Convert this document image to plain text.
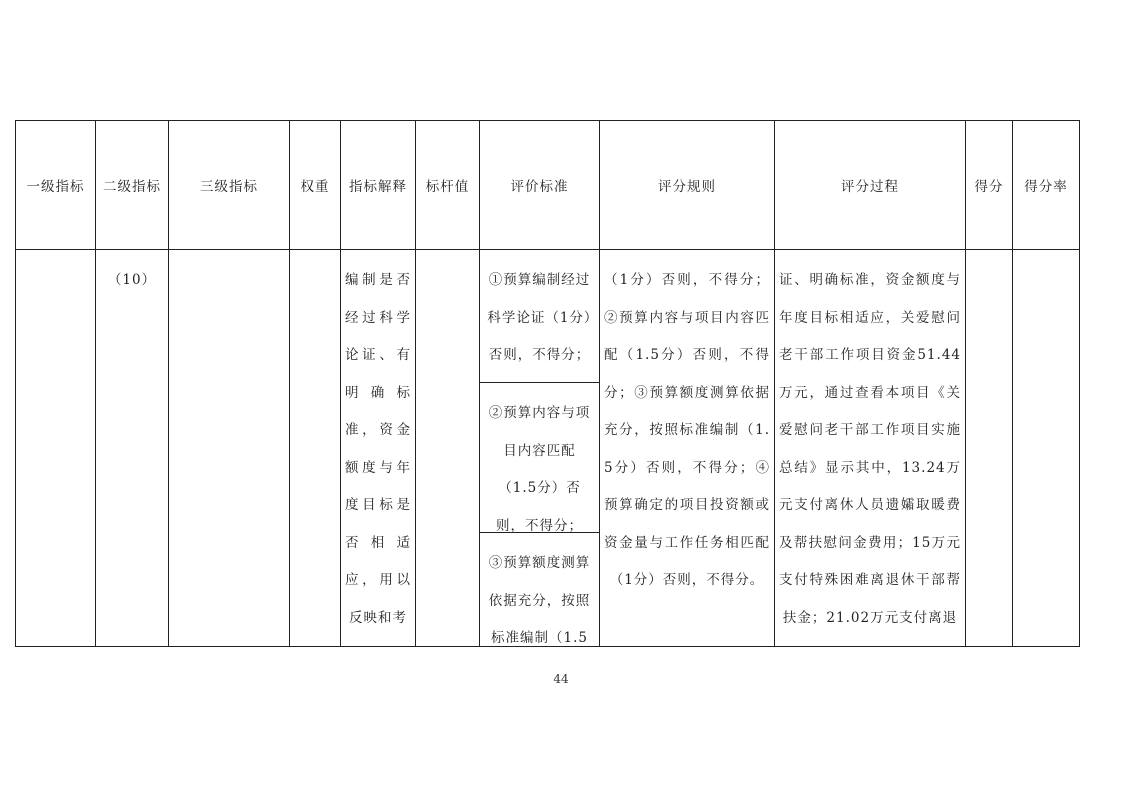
一级指标	二级指标	三级指标	权重	指标解释	标杆值	评价标准	评分规则	评分过程	得分	得分率

	（10）			编制是否经过科学论证、有明确标准，资金额度与年度目标是否相适应，用以反映和考		①预算编制经过科学论证（1分）否则，不得分；
②预算内容与项目内容匹配（1.5分）否则，不得分；
③预算额度测算依据充分，按照标准编制（1.5	（1分）否则，不得分；②预算内容与项目内容匹配（1.5分）否则，不得分；③预算额度测算依据充分，按照标准编制（1.5分）否则，不得分；④预算确定的项目投资额或资金量与工作任务相匹配（1分）否则，不得分。	证、明确标准，资金额度与年度目标相适应，关爱慰问老干部工作项目资金51.44万元，通过查看本项目《关爱慰问老干部工作项目实施总结》显示其中，13.24万元支付离休人员遗孀取暖费及帮扶慰问金费用；15万元支付特殊困难离退休干部帮扶金；21.02万元支付离退		

44
